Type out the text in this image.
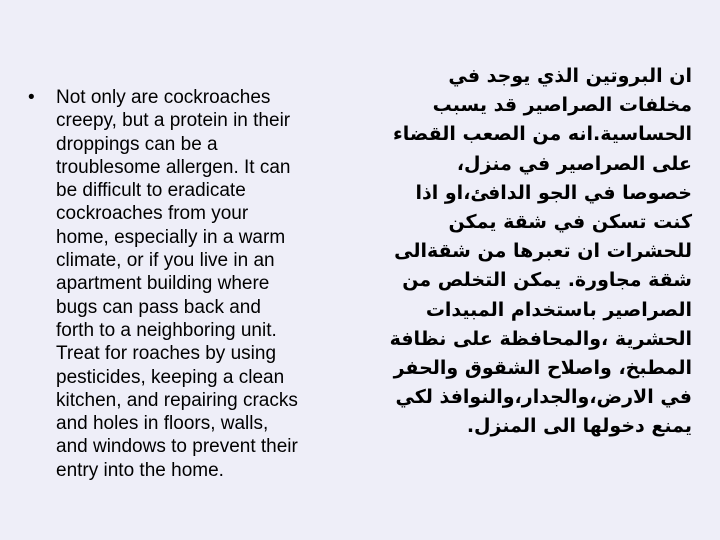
•	Not only are cockroaches
creepy, but a protein in their
droppings can be a
troublesome allergen. It can
be difficult to eradicate
cockroaches from your
home, especially in a warm
climate, or if you live in an
apartment building where
bugs can pass back and
forth to a neighboring unit.
Treat for roaches by using
pesticides, keeping a clean
kitchen, and repairing cracks
and holes in floors, walls,
and windows to prevent their
entry into the home.
ان البروتين الذي يوجد في
مخلفات الصراصير قد يسبب
الحساسية.انه من الصعب القضاء
على الصراصير في منزل،
خصوصا في الجو الدافئ،او اذا
كنت تسكن في شقة يمكن
للحشرات ان تعبرها من شقةالى
شقة مجاورة. يمكن التخلص من
الصراصير باستخدام المبيدات
الحشرية ،والمحافظة على نظافة
المطبخ، واصلاح الشقوق والحفر
في الارض،والجدار،والنوافذ لكي
يمنع دخولها الى المنزل.
